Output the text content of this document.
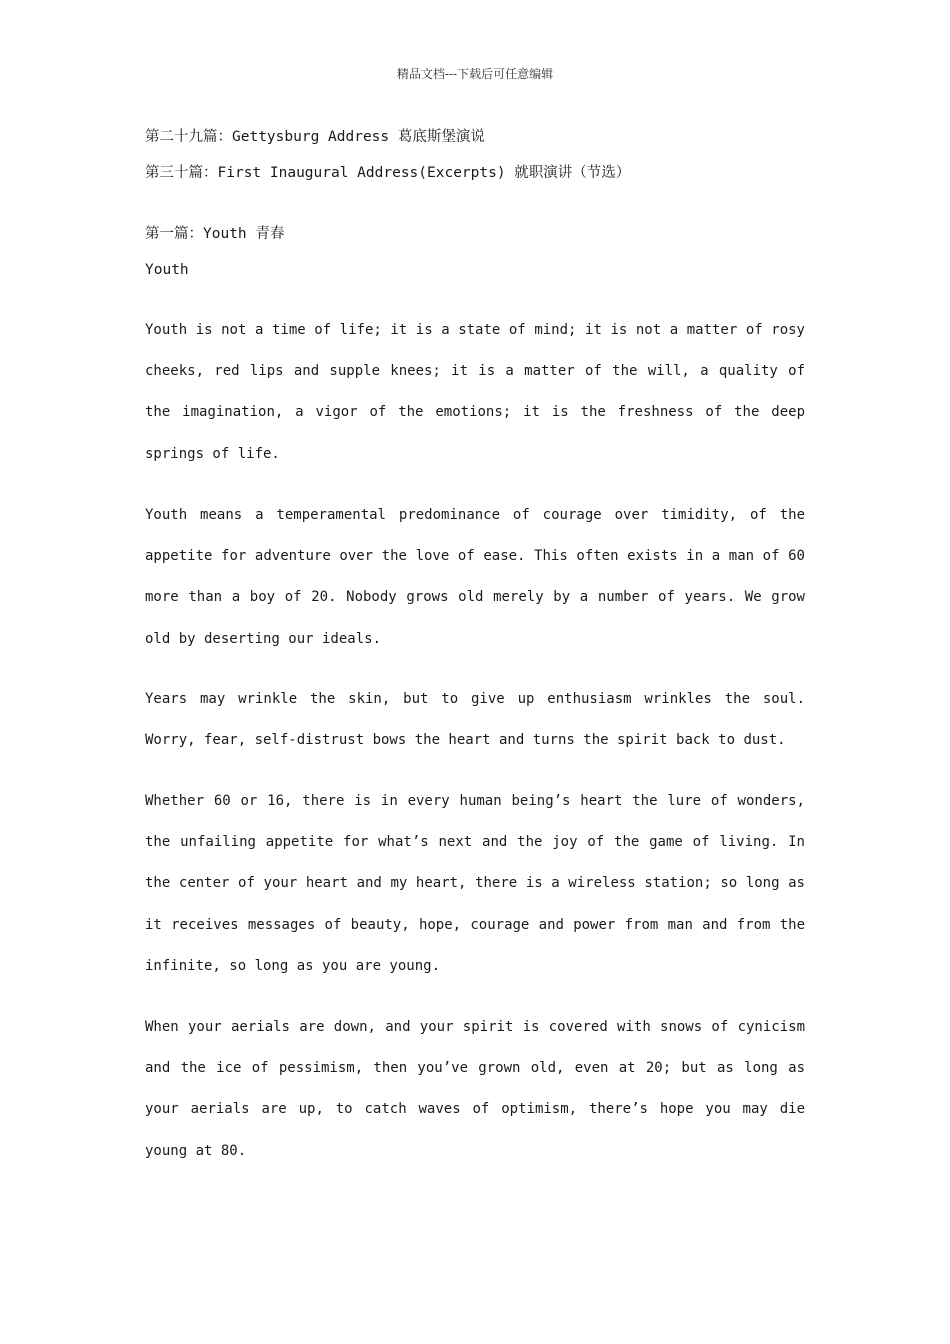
精品文档---下载后可任意编辑
第二十九篇：Gettysburg Address 葛底斯堡演说
第三十篇：First Inaugural Address(Excerpts) 就职演讲（节选）
第一篇：Youth 青春
Youth
Youth is not a time of life; it is a state of mind; it is not a matter of rosy cheeks, red lips and supple knees; it is a matter of the will, a quality of the imagination, a vigor of the emotions; it is the freshness of the deep springs of life.
Youth means a temperamental predominance of courage over timidity, of the appetite for adventure over the love of ease. This often exists in a man of 60 more than a boy of 20. Nobody grows old merely by a number of years. We grow old by deserting our ideals.
Years may wrinkle the skin, but to give up enthusiasm wrinkles the soul. Worry, fear, self-distrust bows the heart and turns the spirit back to dust.
Whether 60 or 16, there is in every human being’s heart the lure of wonders, the unfailing appetite for what’s next and the joy of the game of living. In the center of your heart and my heart, there is a wireless station; so long as it receives messages of beauty, hope, courage and power from man and from the infinite, so long as you are young.
When your aerials are down, and your spirit is covered with snows of cynicism and the ice of pessimism, then you’ve grown old, even at 20; but as long as your aerials are up, to catch waves of optimism, there’s hope you may die young at 80.
